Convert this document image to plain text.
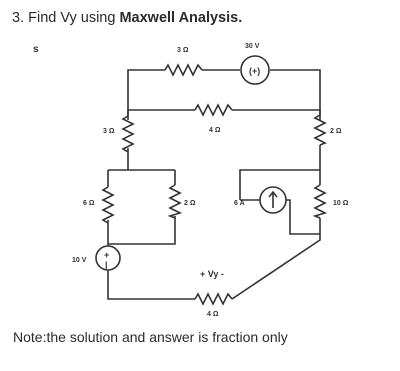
3. Find Vy using Maxwell Analysis.
s
(+)
+
|
3 Ω
30 V
4 Ω
3 Ω
6 Ω	2 Ω
2 Ω
10 Ω
6 A
10 V
+ Vy -
4 Ω
Note:the solution and answer is fraction only
